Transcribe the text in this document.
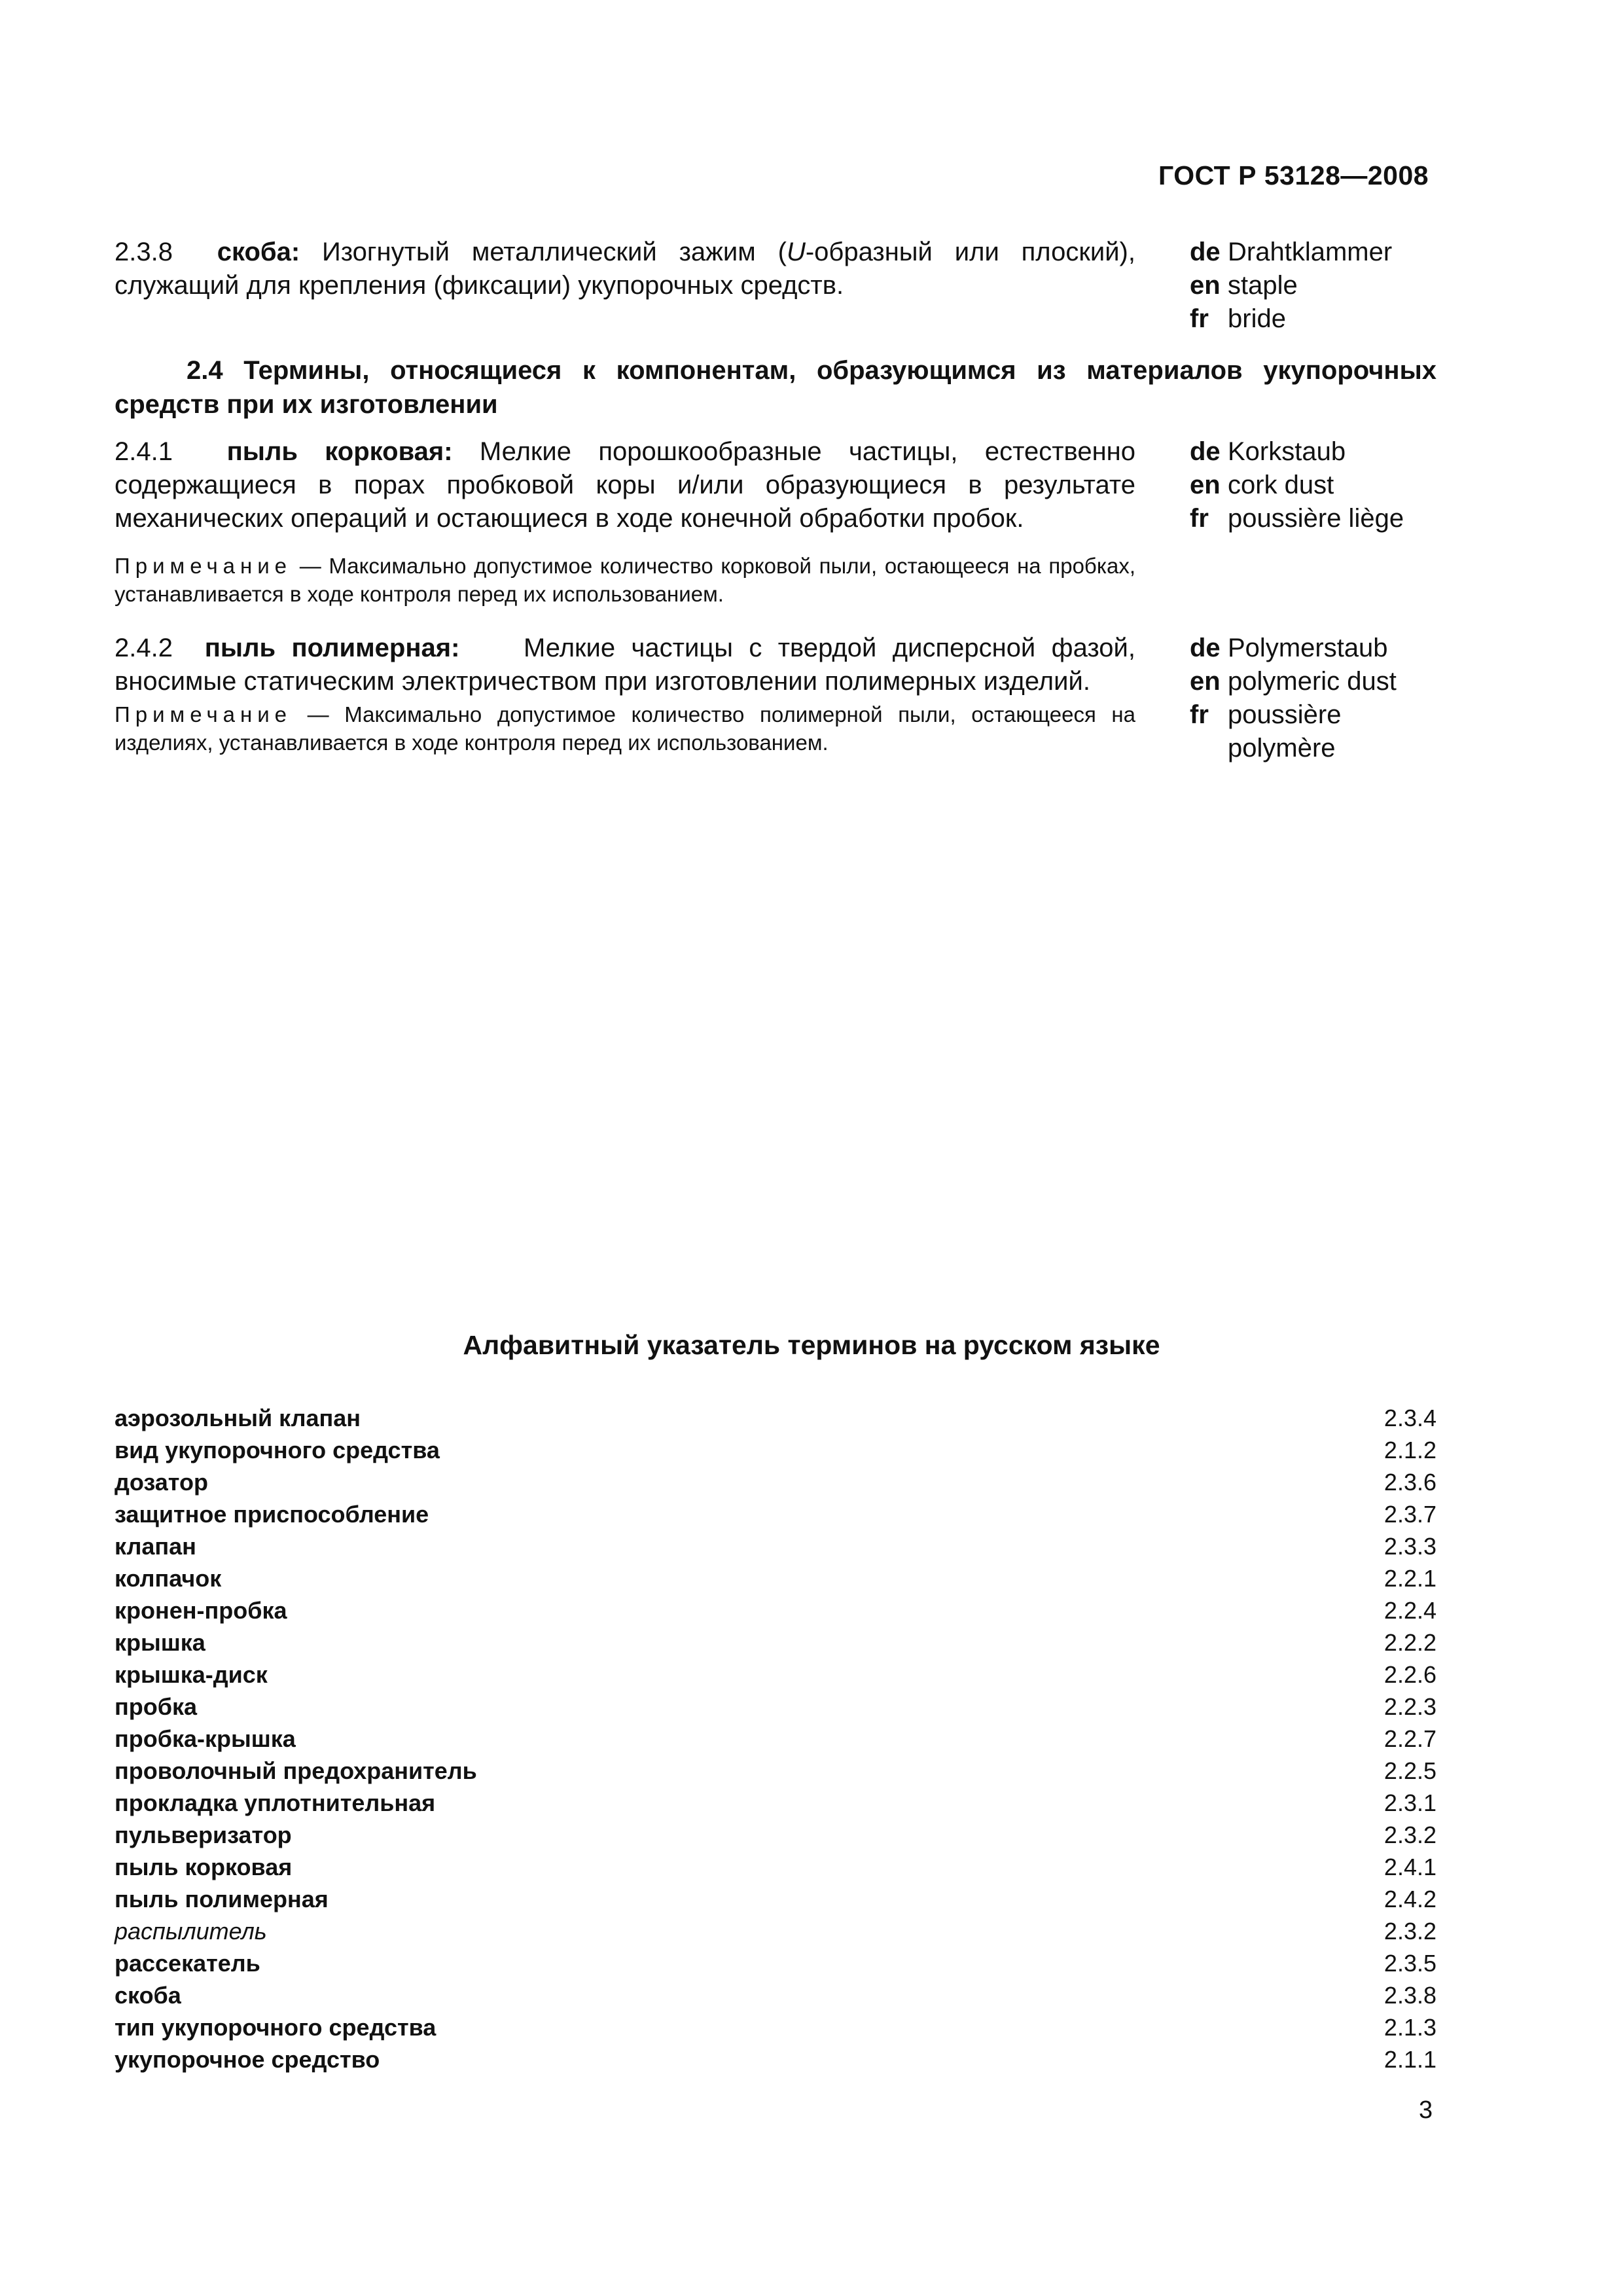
ГОСТ Р 53128—2008
2.3.8 скоба: Изогнутый металлический зажим (U-образный или плоский), служащий для крепления (фиксации) укупорочных средств.
de Drahtklammer
en staple
fr bride
2.4 Термины, относящиеся к компонентам, образующимся из материалов укупорочных средств при их изготовлении
2.4.1 пыль корковая: Мелкие порошкообразные частицы, естественно содержащиеся в порах пробковой коры и/или образующиеся в результате механических операций и остающиеся в ходе конечной обработки пробок.
de Korkstaub
en cork dust
fr poussière liège
Примечание — Максимально допустимое количество корковой пыли, остающееся на пробках, устанавливается в ходе контроля перед их использованием.
2.4.2 пыль полимерная: Мелкие частицы с твердой дисперсной фазой, вносимые статическим электричеством при изготовлении полимерных изделий.
Примечание — Максимально допустимое количество полимерной пыли, остающееся на изделиях, устанавливается в ходе контроля перед их использованием.
de Polymerstaub
en polymeric dust
fr poussière
polymère
Алфавитный указатель терминов на русском языке
аэрозольный клапан	2.3.4
вид укупорочного средства	2.1.2
дозатор	2.3.6
защитное приспособление	2.3.7
клапан	2.3.3
колпачок	2.2.1
кронен-пробка	2.2.4
крышка	2.2.2
крышка-диск	2.2.6
пробка	2.2.3
пробка-крышка	2.2.7
проволочный предохранитель	2.2.5
прокладка уплотнительная	2.3.1
пульверизатор	2.3.2
пыль корковая	2.4.1
пыль полимерная	2.4.2
распылитель	2.3.2
рассекатель	2.3.5
скоба	2.3.8
тип укупорочного средства	2.1.3
укупорочное средство	2.1.1
3
